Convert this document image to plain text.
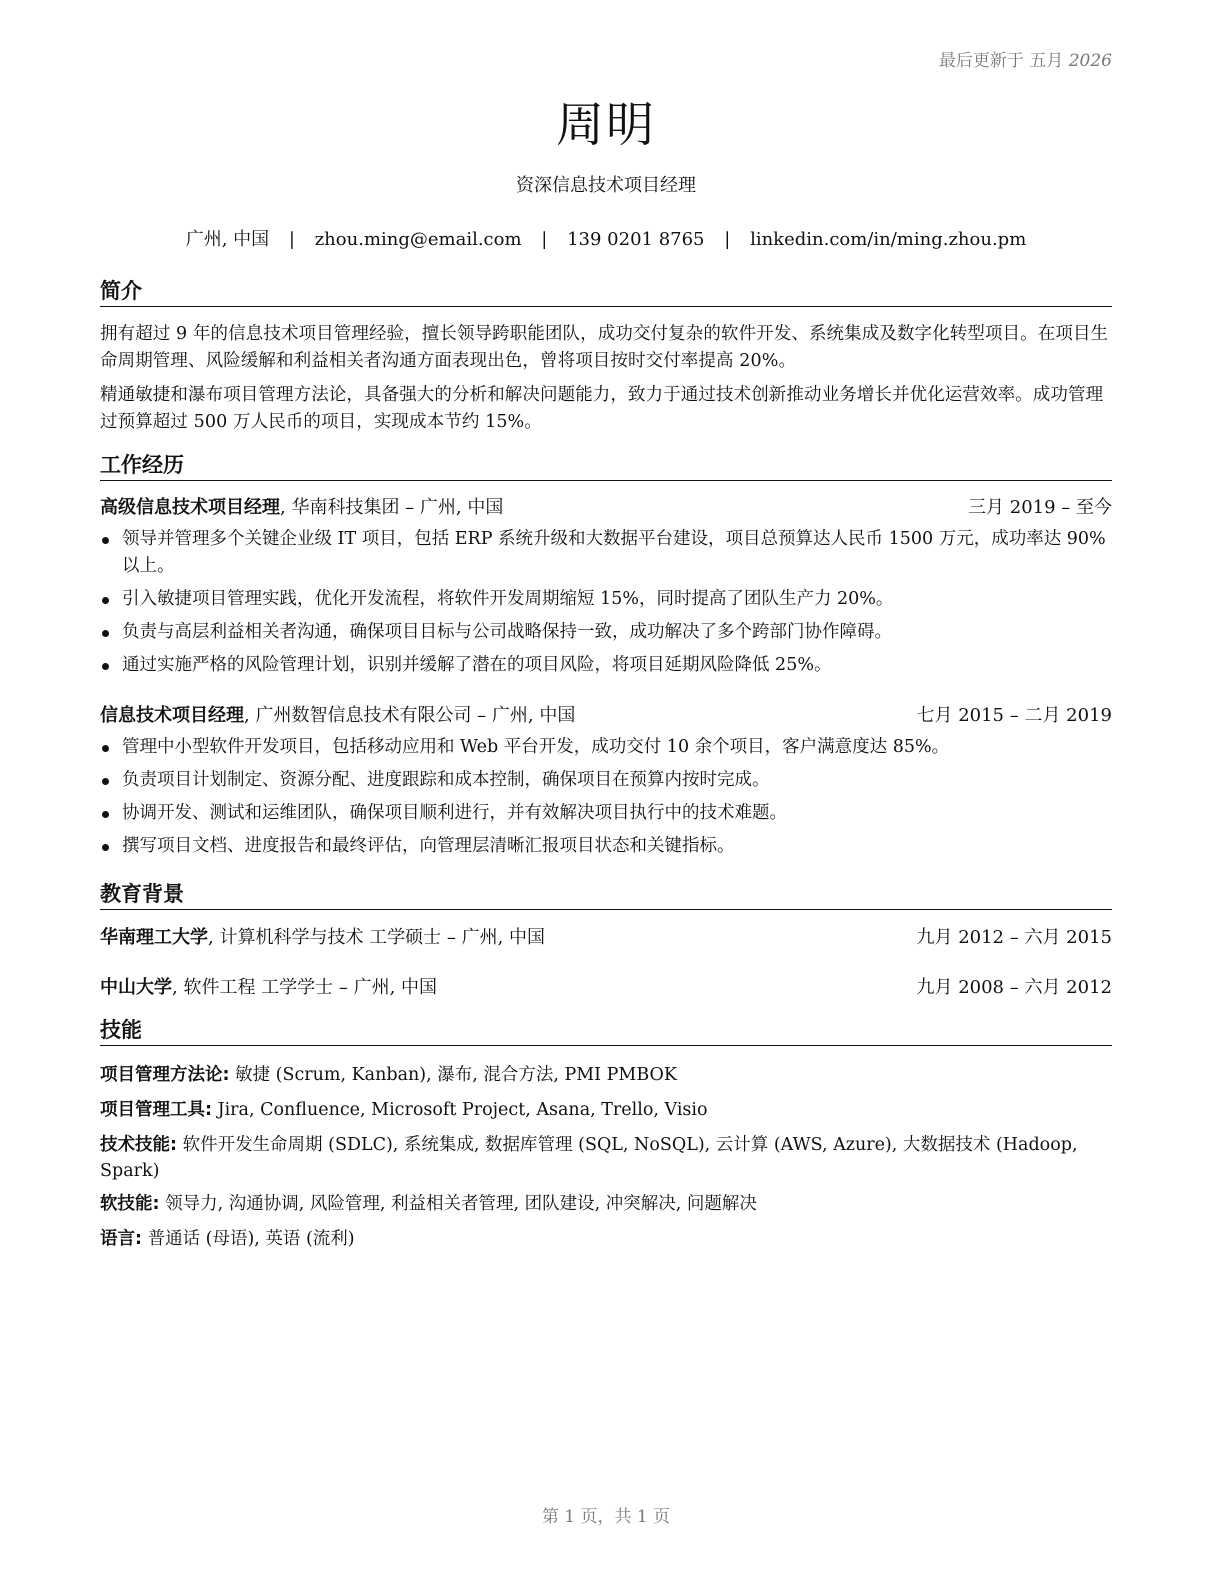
最后更新于 五月 2026
周明
资深信息技术项目经理
广州, 中国 | zhou.ming@email.com | 139 0201 8765 | linkedin.com/in/ming.zhou.pm
简介
拥有超过 9 年的信息技术项目管理经验，擅长领导跨职能团队，成功交付复杂的软件开发、系统集成及数字化转型项目。在项目生命周期管理、风险缓解和利益相关者沟通方面表现出色，曾将项目按时交付率提高 20%。
精通敏捷和瀑布项目管理方法论，具备强大的分析和解决问题能力，致力于通过技术创新推动业务增长并优化运营效率。成功管理过预算超过 500 万人民币的项目，实现成本节约 15%。
工作经历
高级信息技术项目经理, 华南科技集团 – 广州, 中国	三月 2019 – 至今
领导并管理多个关键企业级 IT 项目，包括 ERP 系统升级和大数据平台建设，项目总预算达人民币 1500 万元，成功率达 90% 以上。
引入敏捷项目管理实践，优化开发流程，将软件开发周期缩短 15%，同时提高了团队生产力 20%。
负责与高层利益相关者沟通，确保项目目标与公司战略保持一致，成功解决了多个跨部门协作障碍。
通过实施严格的风险管理计划，识别并缓解了潜在的项目风险，将项目延期风险降低 25%。
信息技术项目经理, 广州数智信息技术有限公司 – 广州, 中国	七月 2015 – 二月 2019
管理中小型软件开发项目，包括移动应用和 Web 平台开发，成功交付 10 余个项目，客户满意度达 85%。
负责项目计划制定、资源分配、进度跟踪和成本控制，确保项目在预算内按时完成。
协调开发、测试和运维团队，确保项目顺利进行，并有效解决项目执行中的技术难题。
撰写项目文档、进度报告和最终评估，向管理层清晰汇报项目状态和关键指标。
教育背景
华南理工大学, 计算机科学与技术 工学硕士 – 广州, 中国	九月 2012 – 六月 2015
中山大学, 软件工程 工学学士 – 广州, 中国	九月 2008 – 六月 2012
技能
项目管理方法论: 敏捷 (Scrum, Kanban), 瀑布, 混合方法, PMI PMBOK
项目管理工具: Jira, Confluence, Microsoft Project, Asana, Trello, Visio
技术技能: 软件开发生命周期 (SDLC), 系统集成, 数据库管理 (SQL, NoSQL), 云计算 (AWS, Azure), 大数据技术 (Hadoop, Spark)
软技能: 领导力, 沟通协调, 风险管理, 利益相关者管理, 团队建设, 冲突解决, 问题解决
语言: 普通话 (母语), 英语 (流利)
第 1 页，共 1 页
